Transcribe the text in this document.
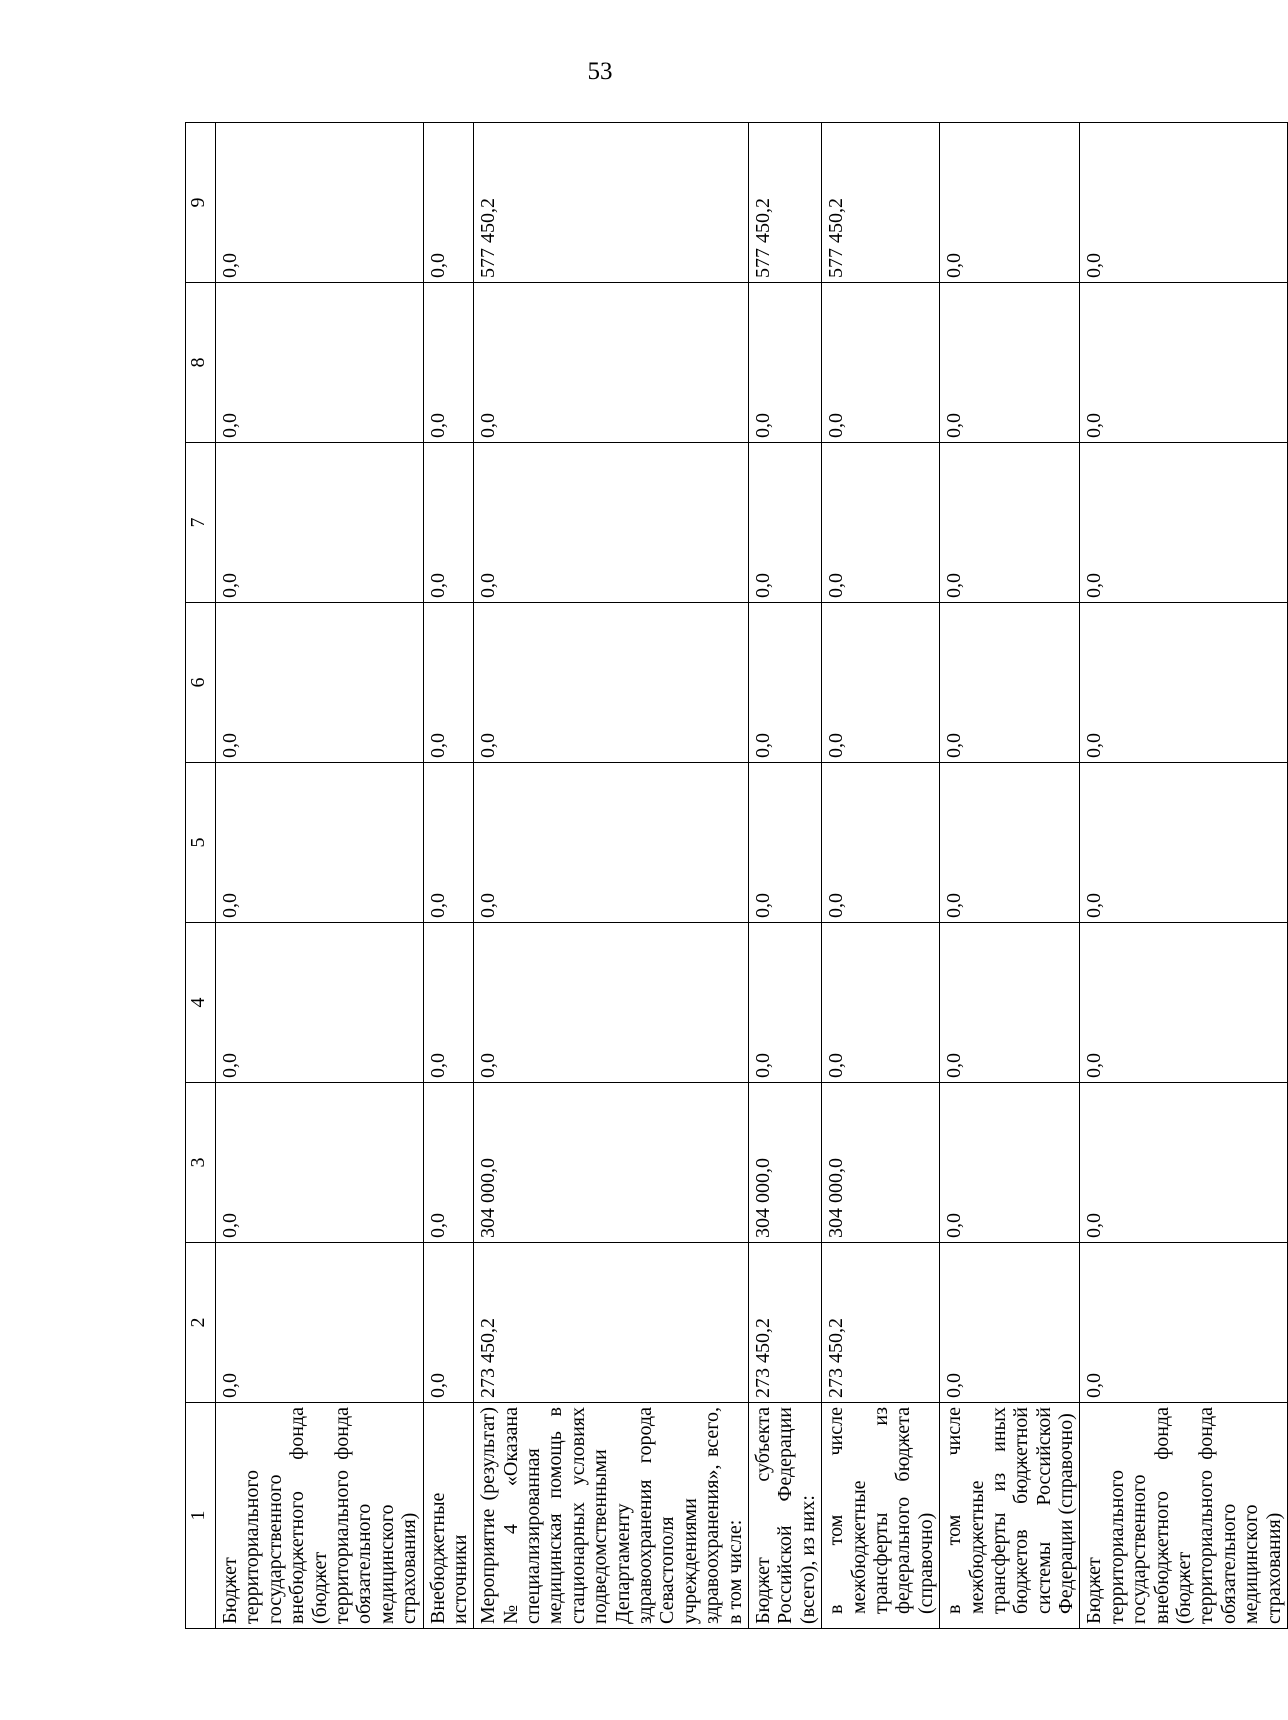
53
1	2	3	4	5	6	7	8	9
Бюджет территориального государственного внебюджетного фонда (бюджет территориального фонда обязательного медицинского страхования)	0,0	0,0	0,0	0,0	0,0	0,0	0,0	0,0
Внебюджетные источники	0,0	0,0	0,0	0,0	0,0	0,0	0,0	0,0
Мероприятие (результат) № 4 «Оказана специализированная медицинская помощь в стационарных условиях подведомственными Департаменту здравоохранения города Севастополя учреждениями здравоохранения», всего, в том числе:	273 450,2	304 000,0	0,0	0,0	0,0	0,0	0,0	577 450,2
Бюджет субъекта Российской Федерации (всего), из них:	273 450,2	304 000,0	0,0	0,0	0,0	0,0	0,0	577 450,2
в том числе межбюджетные трансферты из федерального бюджета (справочно)	273 450,2	304 000,0	0,0	0,0	0,0	0,0	0,0	577 450,2
в том числе межбюджетные трансферты из иных бюджетов бюджетной системы Российской Федерации (справочно)	0,0	0,0	0,0	0,0	0,0	0,0	0,0	0,0
Бюджет территориального государственного внебюджетного фонда (бюджет территориального фонда обязательного медицинского страхования)	0,0	0,0	0,0	0,0	0,0	0,0	0,0	0,0
